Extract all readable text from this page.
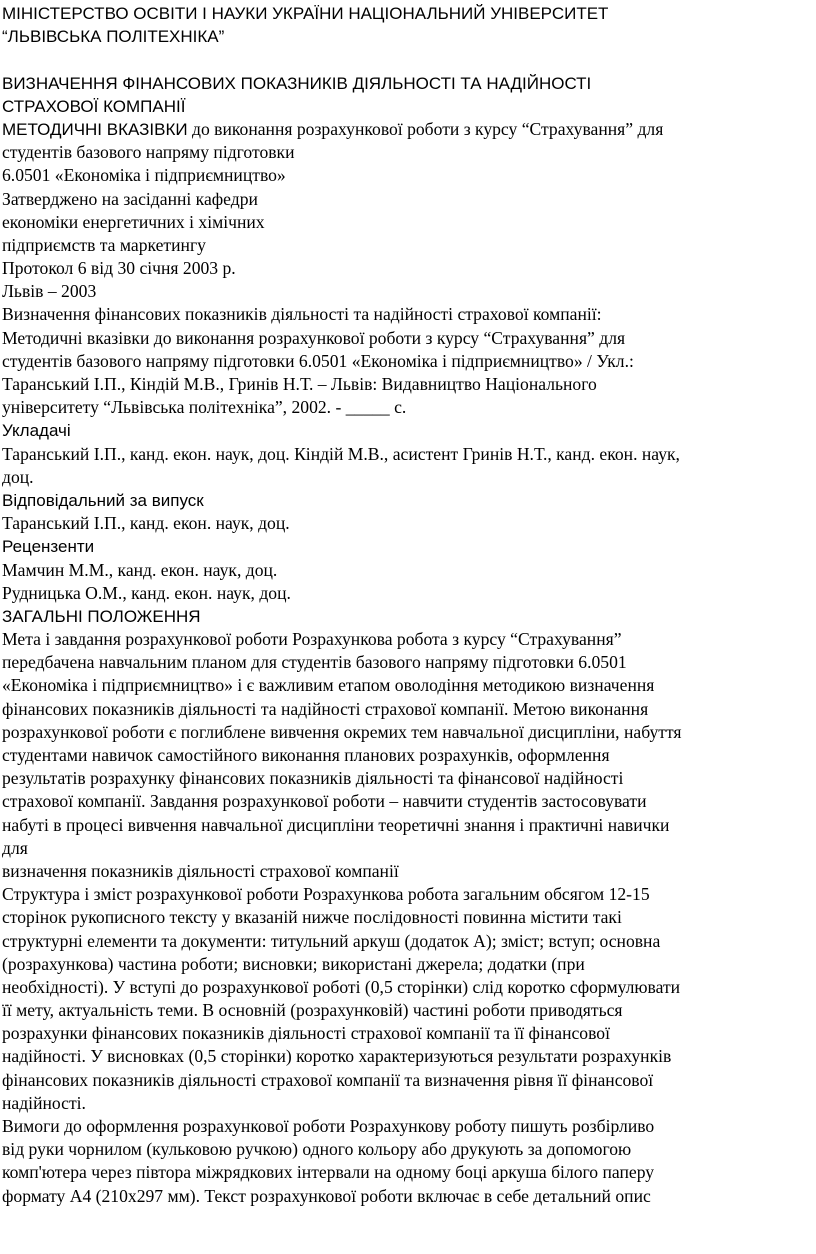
МІНІСТЕРСТВО ОСВІТИ І НАУКИ УКРАЇНИ НАЦІОНАЛЬНИЙ УНІВЕРСИТЕТ
“ЛЬВІВСЬКА ПОЛІТЕХНІКА”
ВИЗНАЧЕННЯ ФІНАНСОВИХ ПОКАЗНИКІВ ДІЯЛЬНОСТІ ТА НАДІЙНОСТІ
СТРАХОВОЇ КОМПАНІЇ
МЕТОДИЧНІ ВКАЗІВКИ до виконання розрахункової роботи з курсу “Страхування” для
студентів базового напряму підготовки
6.0501 «Економіка і підприємництво»
Затверджено на засіданні кафедри
економіки енергетичних і хімічних
підприємств та маркетингу
Протокол 6 від 30 січня 2003 р.
Львів – 2003
Визначення фінансових показників діяльності та надійності страхової компанії:
Методичні вказівки до виконання розрахункової роботи з курсу “Страхування” для
студентів базового напряму підготовки 6.0501 «Економіка і підприємництво» / Укл.:
Таранський І.П., Кіндій М.В., Гринів Н.Т. – Львів: Видавництво Національного
університету “Львівська політехніка”, 2002. - _____ с.
Укладачі
Таранський І.П., канд. екон. наук, доц. Кіндій М.В., асистент Гринів Н.Т., канд. екон. наук,
доц.
Відповідальний за випуск
Таранський І.П., канд. екон. наук, доц.
Рецензенти
Мамчин М.М., канд. екон. наук, доц.
Рудницька О.М., канд. екон. наук, доц.
ЗАГАЛЬНІ ПОЛОЖЕННЯ
Мета і завдання розрахункової роботи Розрахункова робота з курсу “Страхування”
передбачена навчальним планом для студентів базового напряму підготовки 6.0501
«Економіка і підприємництво» і є важливим етапом оволодіння методикою визначення
фінансових показників діяльності та надійності страхової компанії. Метою виконання
розрахункової роботи є поглиблене вивчення окремих тем навчальної дисципліни, набуття
студентами навичок самостійного виконання планових розрахунків, оформлення
результатів розрахунку фінансових показників діяльності та фінансової надійності
страхової компанії. Завдання розрахункової роботи – навчити студентів застосовувати
набуті в процесі вивчення навчальної дисципліни теоретичні знання і практичні навички
для
визначення показників діяльності страхової компанії
Структура і зміст розрахункової роботи Розрахункова робота загальним обсягом 12-15
сторінок рукописного тексту у вказаній нижче послідовності повинна містити такі
структурні елементи та документи: титульний аркуш (додаток А); зміст; вступ; основна
(розрахункова) частина роботи; висновки; використані джерела; додатки (при
необхідності). У вступі до розрахункової роботі (0,5 сторінки) слід коротко сформулювати
її мету, актуальність теми. В основній (розрахунковій) частині роботи приводяться
розрахунки фінансових показників діяльності страхової компанії та її фінансової
надійності. У висновках (0,5 сторінки) коротко характеризуються результати розрахунків
фінансових показників діяльності страхової компанії та визначення рівня її фінансової
надійності.
Вимоги до оформлення розрахункової роботи Розрахункову роботу пишуть розбірливо
від руки чорнилом (кульковою ручкою) одного кольору або друкують за допомогою
комп'ютера через півтора міжрядкових інтервали на одному боці аркуша білого паперу
формату А4 (210х297 мм). Текст розрахункової роботи включає в себе детальний опис
